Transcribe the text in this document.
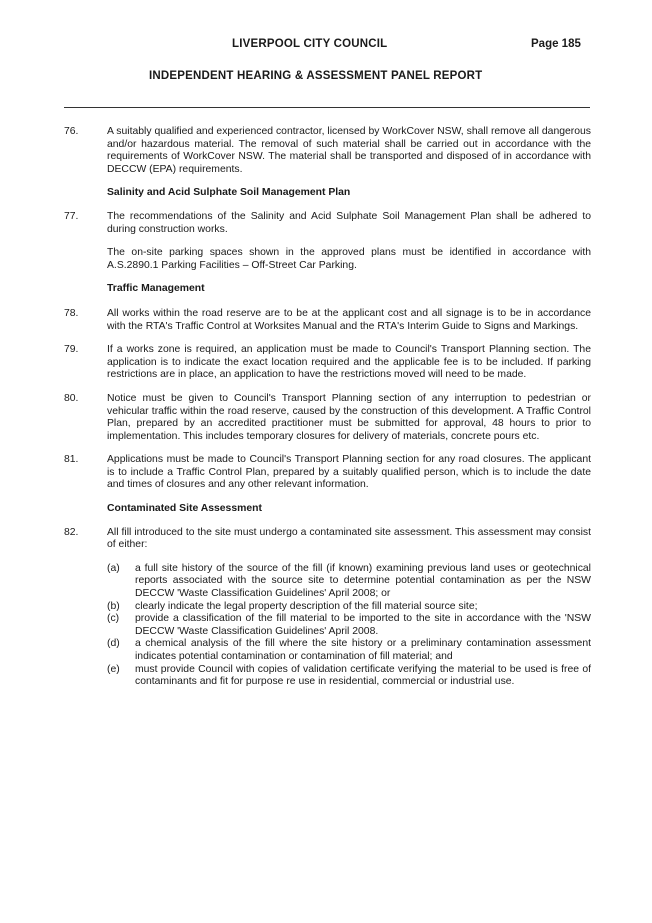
LIVERPOOL CITY COUNCIL	Page 185
INDEPENDENT HEARING & ASSESSMENT PANEL REPORT
76.	A suitably qualified and experienced contractor, licensed by WorkCover NSW, shall remove all dangerous and/or hazardous material. The removal of such material shall be carried out in accordance with the requirements of WorkCover NSW. The material shall be transported and disposed of in accordance with DECCW (EPA) requirements.
Salinity and Acid Sulphate Soil Management Plan
77.	The recommendations of the Salinity and Acid Sulphate Soil Management Plan shall be adhered to during construction works.
The on-site parking spaces shown in the approved plans must be identified in accordance with A.S.2890.1 Parking Facilities – Off-Street Car Parking.
Traffic Management
78.	All works within the road reserve are to be at the applicant cost and all signage is to be in accordance with the RTA's Traffic Control at Worksites Manual and the RTA's Interim Guide to Signs and Markings.
79.	If a works zone is required, an application must be made to Council's Transport Planning section. The application is to indicate the exact location required and the applicable fee is to be included. If parking restrictions are in place, an application to have the restrictions moved will need to be made.
80.	Notice must be given to Council's Transport Planning section of any interruption to pedestrian or vehicular traffic within the road reserve, caused by the construction of this development. A Traffic Control Plan, prepared by an accredited practitioner must be submitted for approval, 48 hours to prior to implementation. This includes temporary closures for delivery of materials, concrete pours etc.
81.	Applications must be made to Council's Transport Planning section for any road closures. The applicant is to include a Traffic Control Plan, prepared by a suitably qualified person, which is to include the date and times of closures and any other relevant information.
Contaminated Site Assessment
82.	All fill introduced to the site must undergo a contaminated site assessment. This assessment may consist of either:
(a)	a full site history of the source of the fill (if known) examining previous land uses or geotechnical reports associated with the source site to determine potential contamination as per the NSW DECCW 'Waste Classification Guidelines' April 2008; or
(b)	clearly indicate the legal property description of the fill material source site;
(c)	provide a classification of the fill material to be imported to the site in accordance with the 'NSW DECCW 'Waste Classification Guidelines' April 2008.
(d)	a chemical analysis of the fill where the site history or a preliminary contamination assessment indicates potential contamination or contamination of fill material; and
(e)	must provide Council with copies of validation certificate verifying the material to be used is free of contaminants and fit for purpose re use in residential, commercial or industrial use.
